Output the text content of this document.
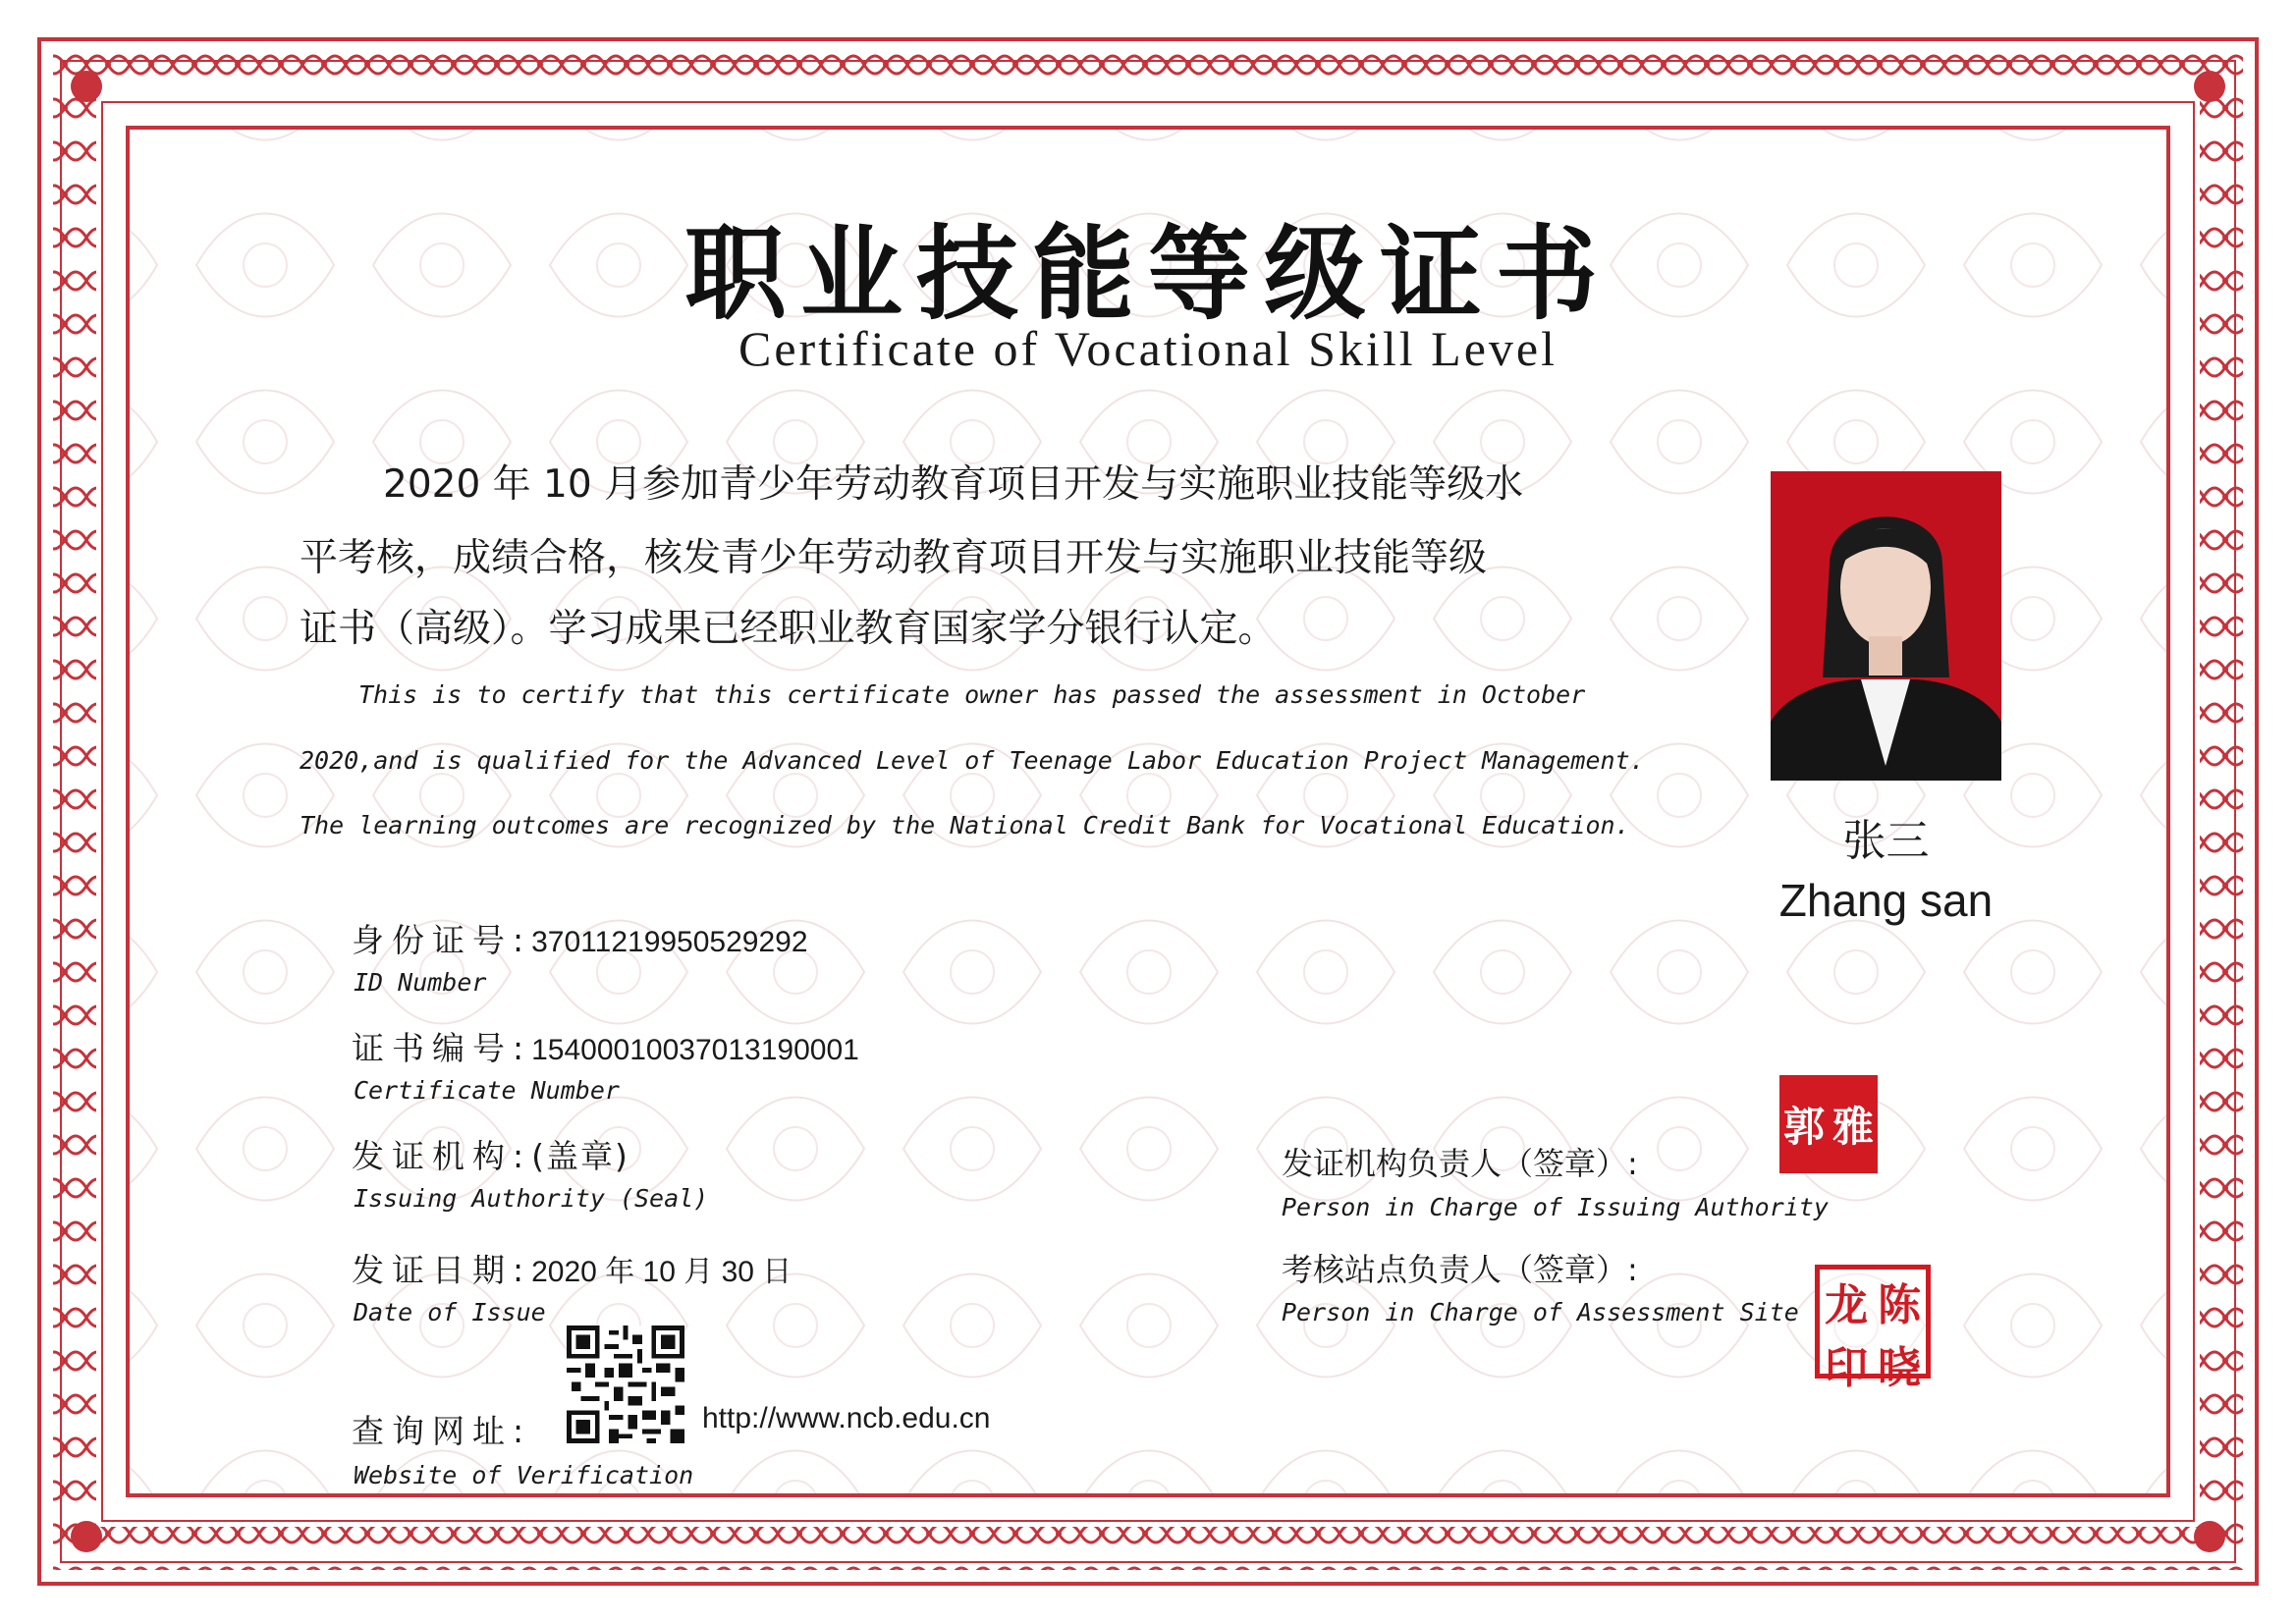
职业技能等级证书
Certificate of Vocational Skill Level
2020 年 10 月参加青少年劳动教育项目开发与实施职业技能等级水
平考核，成绩合格，核发青少年劳动教育项目开发与实施职业技能等级
证书（高级）。学习成果已经职业教育国家学分银行认定。
This is to certify that this certificate owner has passed the assessment in October
2020,and is qualified for the Advanced Level of Teenage Labor Education Project Management.
The learning outcomes are recognized by the National Credit Bank for Vocational Education.	张三
Zhang san
身份证号:370112199505292​92
ID Number
证书编号:15400010037013190001
Certificate Number
发证机构:(盖章)
Issuing Authority (Seal)
发证日期:2020 年 10 月 30 日
Date of Issue
查询网址:	http://www.ncb.edu.cn
Website of Verification
发证机构负责人（签章）:
Person in Charge of Issuing Authority
考核站点负责人（签章）:
Person in Charge of Assessment Site
郭 雅
龙 陈
印 晓
